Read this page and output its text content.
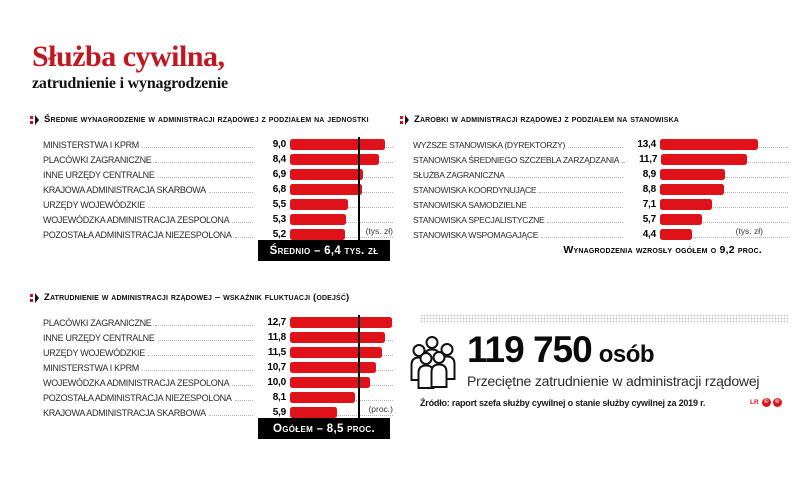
Służba cywilna,
zatrudnienie i wynagrodzenie
Średnie wynagrodzenie w administracji rządowej z podziałem na jednostki
MINISTERSTWA I KPRM	9,0
PLACÓWKI ZAGRANICZNE	8,4
INNE URZĘDY CENTRALNE	6,9
KRAJOWA ADMINISTRACJA SKARBOWA	6,8
URZĘDY WOJEWÓDZKIE	5,5
WOJEWÓDZKA ADMINISTRACJA ZESPOLONA	5,3
POZOSTAŁA ADMINISTRACJA NIEZESPOLONA	5,2	(tys. zł)
Średnio – 6,4 tys. zł
Zarobki w administracji rządowej z podziałem na stanowiska
WYŻSZE STANOWISKA (DYREKTORZY)	13,4
STANOWISKA ŚREDNIEGO SZCZEBLA ZARZĄDZANIA	11,7
SŁUŻBA ZAGRANICZNA	8,9
STANOWISKA KOORDYNUJĄCE	8,8
STANOWISKA SAMODZIELNE	7,1
STANOWISKA SPECJALISTYCZNE	5,7
STANOWISKA WSPOMAGAJĄCE	4,4	(tys. zł)
Wynagrodzenia wzrosły ogółem o 9,2 proc.
Zatrudnienie w administracji rządowej – wskaźnik fluktuacji (odejść)
PLACÓWKI ZAGRANICZNE	12,7
INNE URZĘDY CENTRALNE	11,8
URZĘDY WOJEWÓDZKIE	11,5
MINISTERSTWA I KPRM	10,7
WOJEWÓDZKA ADMINISTRACJA ZESPOLONA	10,0
POZOSTAŁA ADMINISTRACJA NIEZESPOLONA	8,1
KRAJOWA ADMINISTRACJA SKARBOWA	5,9	(proc.)
Ogółem – 8,5 proc.
119 750 osób
Przeciętne zatrudnienie w administracji rządowej
Źródło: raport szefa służby cywilnej o stanie służby cywilnej za 2019 r.	LR ©	℗
